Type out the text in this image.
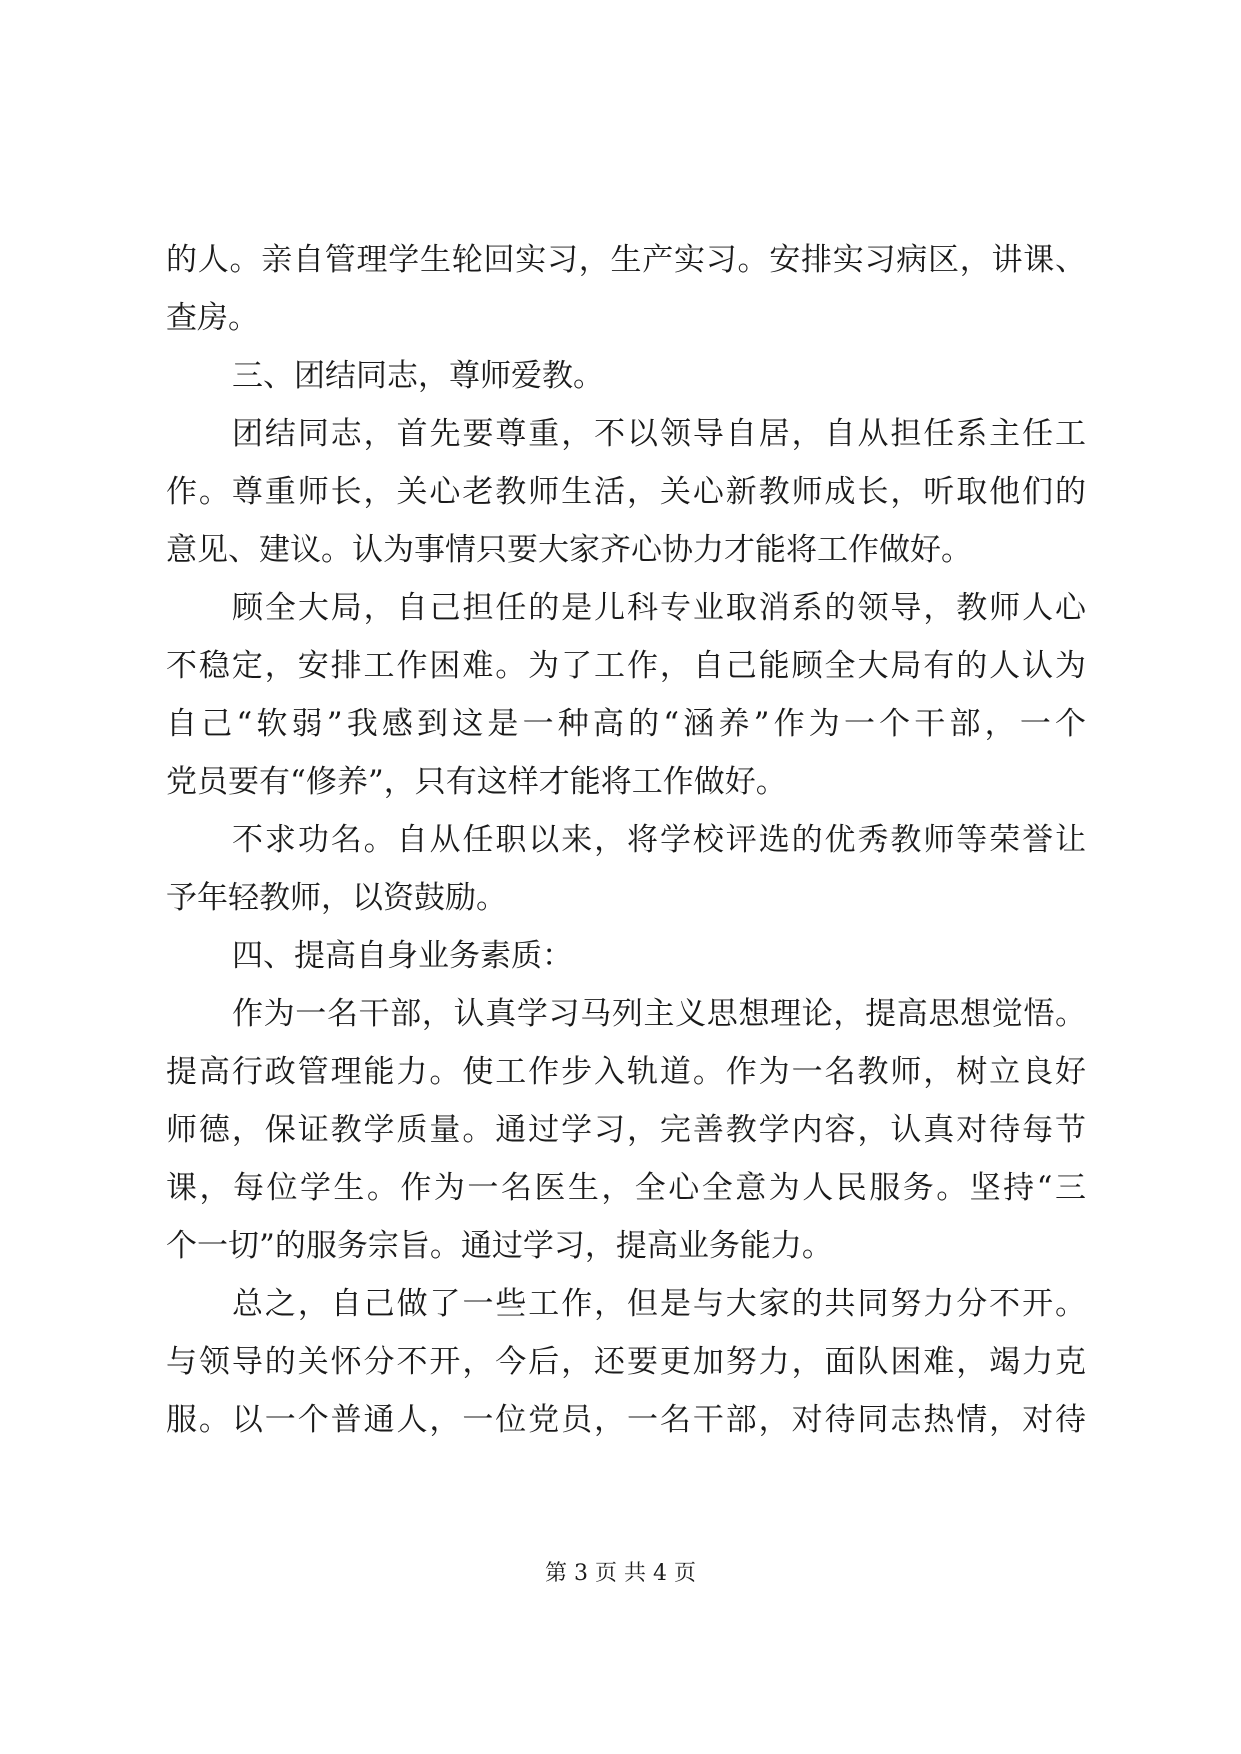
的人。亲自管理学生轮回实习，生产实习。安排实习病区，讲课、
查房。
三、团结同志，尊师爱教。
团结同志，首先要尊重，不以领导自居，自从担任系主任工
作。尊重师长，关心老教师生活，关心新教师成长，听取他们的
意见、建议。认为事情只要大家齐心协力才能将工作做好。
顾全大局，自己担任的是儿科专业取消系的领导，教师人心
不稳定，安排工作困难。为了工作，自己能顾全大局有的人认为
自己“软弱”我感到这是一种高的“涵养”作为一个干部，一个
党员要有“修养”，只有这样才能将工作做好。
不求功名。自从任职以来，将学校评选的优秀教师等荣誉让
予年轻教师，以资鼓励。
四、提高自身业务素质：
作为一名干部，认真学习马列主义思想理论，提高思想觉悟。
提高行政管理能力。使工作步入轨道。作为一名教师，树立良好
师德，保证教学质量。通过学习，完善教学内容，认真对待每节
课，每位学生。作为一名医生，全心全意为人民服务。坚持“三
个一切”的服务宗旨。通过学习，提高业务能力。
总之，自己做了一些工作，但是与大家的共同努力分不开。
与领导的关怀分不开，今后，还要更加努力，面队困难，竭力克
服。以一个普通人，一位党员，一名干部，对待同志热情，对待
第 3 页 共 4 页
